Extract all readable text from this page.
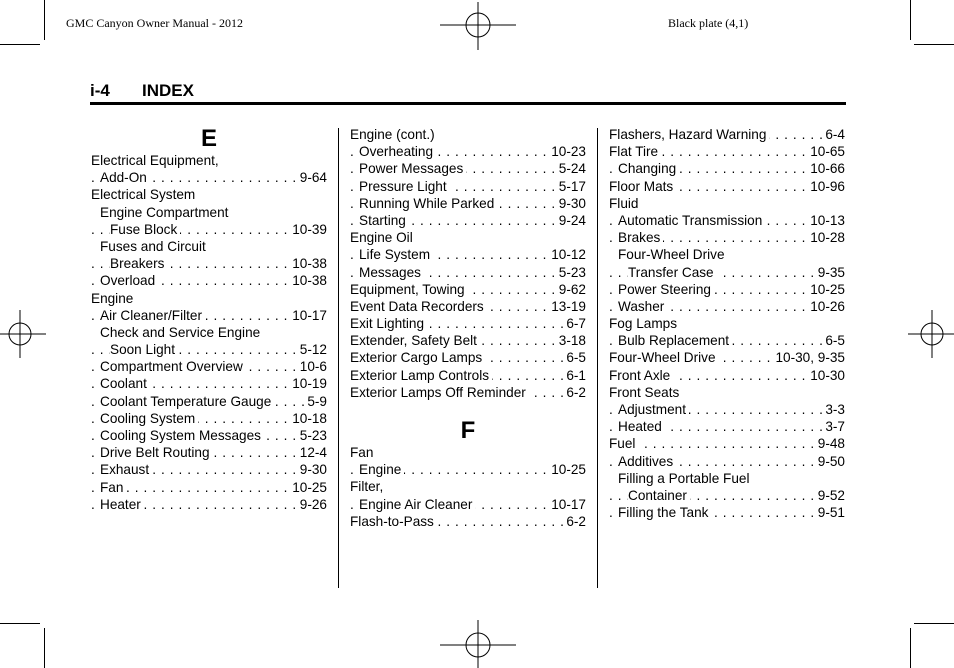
GMC Canyon Owner Manual - 2012	Black plate (4,1)
i-4 INDEX
E
Electrical Equipment,
. . . Add-On	9-64
Electrical System
Engine Compartment
. . . Fuse Block	10-39
Fuses and Circuit
. . . Breakers	10-38
. . . Overload	10-38
Engine
. . . Air Cleaner/Filter	10-17
Check and Service Engine
. . . Soon Light	5-12
. . . Compartment Overview	10-6
. . . Coolant	10-19
. . . Coolant Temperature Gauge	5-9
. . . Cooling System	10-18
. . . Cooling System Messages	5-23
. . . Drive Belt Routing	12-4
. . . Exhaust	9-30
. . . Fan	10-25
. . . Heater	9-26
Engine (cont.)
. . . Overheating	10-23
. . . Power Messages	5-24
. . . Pressure Light	5-17
. . . Running While Parked	9-30
. . . Starting	9-24
Engine Oil
. . . Life System	10-12
. . . Messages	5-23
. . . Equipment, Towing	9-62
. . . Event Data Recorders	13-19
. . . Exit Lighting	6-7
. . . Extender, Safety Belt	3-18
. . . Exterior Cargo Lamps	6-5
. . . Exterior Lamp Controls	6-1
. . . Exterior Lamps Off Reminder	6-2
F
Fan
. . . Engine	10-25
Filter,
. . . Engine Air Cleaner	10-17
. . . Flash-to-Pass	6-2
. . . Flashers, Hazard Warning	6-4
. . . Flat Tire	10-65
. . . Changing	10-66
. . . Floor Mats	10-96
Fluid
. . . Automatic Transmission	10-13
. . . Brakes	10-28
Four-Wheel Drive
. . . Transfer Case	9-35
. . . Power Steering	10-25
. . . Washer	10-26
Fog Lamps
. . . Bulb Replacement	6-5
. . . Four-Wheel Drive	10-30, 9-35
. . . Front Axle	10-30
Front Seats
. . . Adjustment	3-3
. . . Heated	3-7
. . . Fuel	9-48
. . . Additives	9-50
Filling a Portable Fuel
. . . Container	9-52
. . . Filling the Tank	9-51
